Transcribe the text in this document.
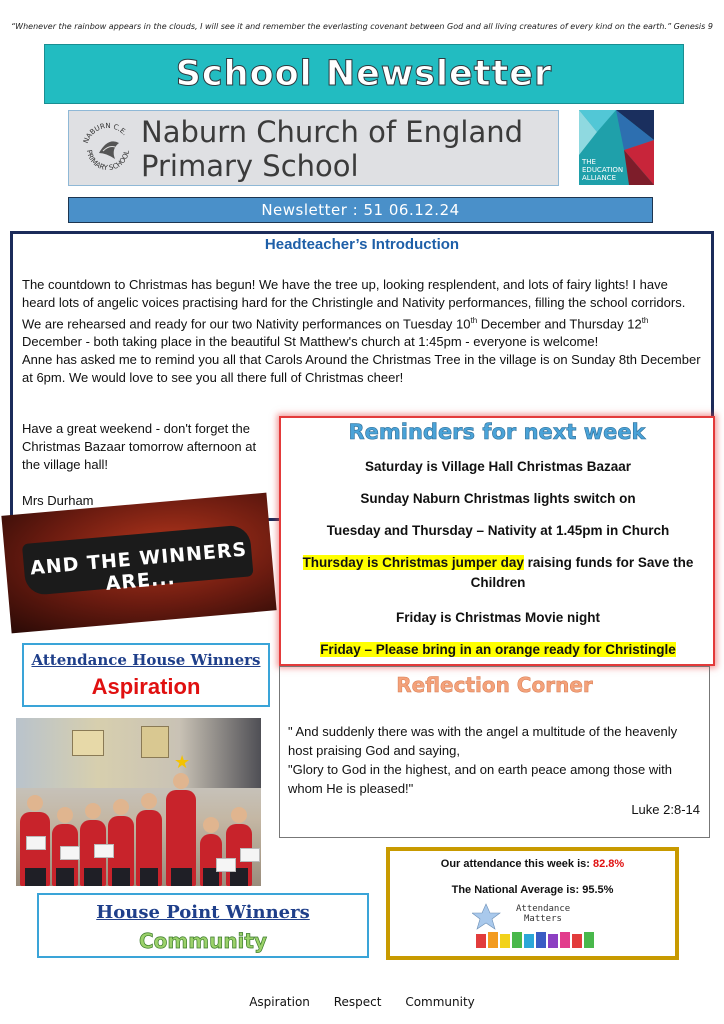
“Whenever the rainbow appears in the clouds, I will see it and remember the everlasting covenant between God and all living creatures of every kind on the earth.” Genesis 9
School Newsletter
NABURN C.E.
PRIMARY SCHOOL
Naburn Church of England
Primary School	THE
EDUCATION
ALLIANCE
Newsletter : 51 06.12.24
Headteacher’s Introduction

The countdown to Christmas has begun! We have the tree up, looking resplendent, and lots of fairy lights! I have heard lots of angelic voices practising hard for the Christingle and Nativity performances, filling the school corridors.

We are rehearsed and ready for our two Nativity performances on Tuesday 10th December and Thursday 12th December - both taking place in the beautiful St Matthew's church at 1:45pm - everyone is welcome!

Anne has asked me to remind you all that Carols Around the Christmas Tree in the village is on Sunday 8th December at 6pm. We would love to see you all there full of Christmas cheer!

Have a great weekend - don't forget the Christmas Bazaar tomorrow afternoon at the village hall!

Mrs Durham

Reminders for next week
Saturday is Village Hall Christmas Bazaar
Sunday Naburn Christmas lights switch on
Tuesday and Thursday – Nativity at 1.45pm in Church
Thursday is Christmas jumper day raising funds for Save the Children
Friday is Christmas Movie night
Friday – Please bring in an orange ready for Christingle
AND THE WINNERS ARE...
Attendance House Winners
Aspiration	Reflection Corner

" And suddenly there was with the angel a multitude of the heavenly host praising God and saying,

"Glory to God in the highest, and on earth peace among those with whom He is pleased!"

Luke 2:8-14
★
House Point Winners
Community
Our attendance this week is: 82.8%
The National Average is: 95.5%
Attendance
Matters
Aspiration Respect Community
